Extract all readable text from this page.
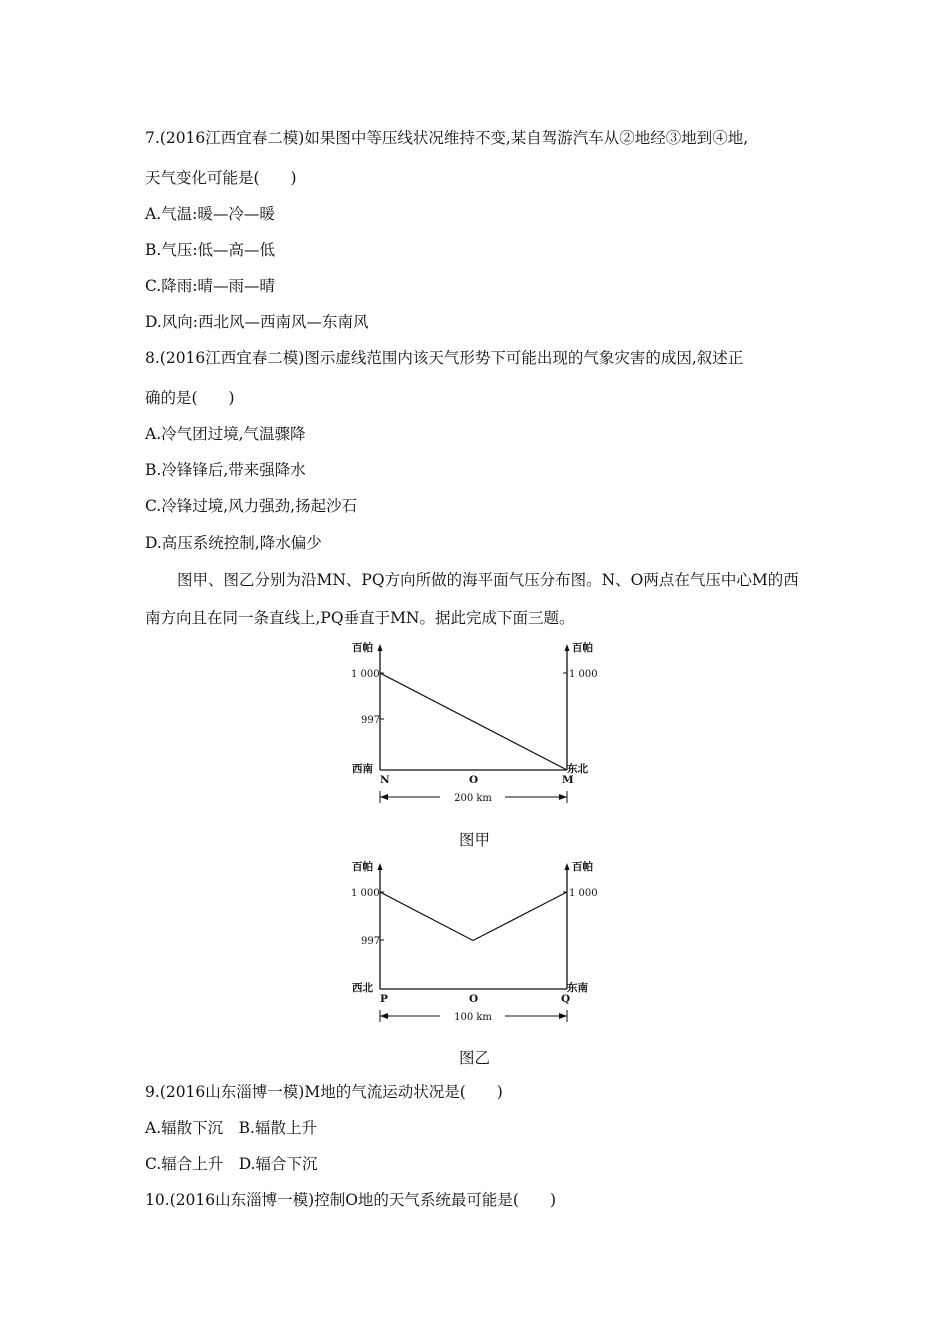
7.(2016江西宜春二模)如果图中等压线状况维持不变,某自驾游汽车从②地经③地到④地,
天气变化可能是(　　)
A.气温:暖—冷—暖
B.气压:低—高—低
C.降雨:晴—雨—晴
D.风向:西北风—西南风—东南风
8.(2016江西宜春二模)图示虚线范围内该天气形势下可能出现的气象灾害的成因,叙述正
确的是(　　)
A.冷气团过境,气温骤降
B.冷锋锋后,带来强降水
C.冷锋过境,风力强劲,扬起沙石
D.高压系统控制,降水偏少
图甲、图乙分别为沿MN、PQ方向所做的海平面气压分布图。N、O两点在气压中心M的西
南方向且在同一条直线上,PQ垂直于MN。据此完成下面三题。
百帕	百帕
1 000
997
1 000
西南	东北
N	O	M
200 km
图甲
百帕	百帕
1 000
997
1 000
西北	东南
P	O	Q
100 km
图乙
9.(2016山东淄博一模)M地的气流运动状况是(　　)
A.辐散下沉　B.辐散上升
C.辐合上升　D.辐合下沉
10.(2016山东淄博一模)控制O地的天气系统最可能是(　　)
